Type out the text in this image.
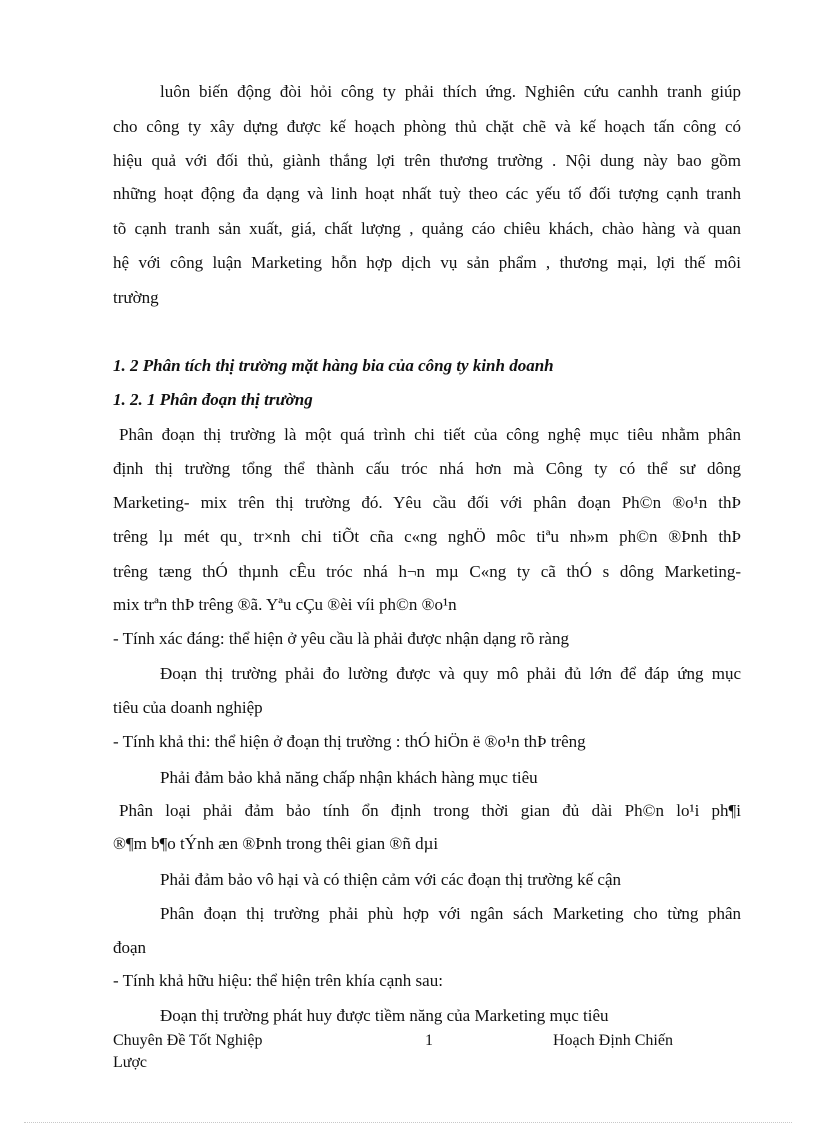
luôn biến động đòi hỏi công ty phải thích ứng. Nghiên cứu canhh tranh giúp
cho công ty xây dựng được kế hoạch phòng thủ chặt chẽ và kế hoạch tấn công có
hiệu quả với đối thủ, giành thắng lợi trên thương trường . Nội dung này bao gồm
những hoạt động đa dạng và linh hoạt nhất tuỳ theo các yếu tố đối tượng cạnh tranh
tõ cạnh tranh sản xuất, giá, chất lượng , quảng cáo chiêu khách, chào hàng và quan
hệ với công luận Marketing hỗn hợp dịch vụ sản phẩm , thương mại, lợi thế môi
trường
1. 2 Phân tích thị trường mặt hàng bia của công ty kinh doanh
1. 2. 1 Phân đoạn thị trường
Phân đoạn thị trường là một quá trình chi tiết của công nghệ mục tiêu nhằm phân
định thị trường tổng thể thành cấu tróc nhá hơn mà Công ty có thể sư dông
Marketing- mix trên thị trường đó. Yêu cầu đối với phân đoạn Ph©n ®o¹n thÞ
trêng lµ mét qu¸ tr×nh chi tiÕt cña c«ng nghÖ môc tiªu nh»m ph©n ®Þnh thÞ
trêng tæng thÓ thµnh cÊu tróc nhá h¬n mµ C«ng ty cã thÓ s dông Marketing-
mix trªn thÞ trêng ®ã. Yªu cÇu ®èi víi ph©n ®o¹n
- Tính xác đáng: thể hiện ở yêu cầu là phải được nhận dạng rõ ràng
Đoạn thị trường phải đo lường được và quy mô phải đủ lớn để đáp ứng mục
tiêu của doanh nghiệp
- Tính khả thi: thể hiện ở đoạn thị trường : thÓ hiÖn ë ®o¹n thÞ trêng
Phải đảm bảo khả năng chấp nhận khách hàng mục tiêu
Phân loại phải đảm bảo tính ổn định trong thời gian đủ dài Ph©n lo¹i ph¶i
®¶m b¶o tÝnh æn ®Þnh trong thêi gian ®ñ dµi
Phải đảm bảo vô hại và có thiện cảm với các đoạn thị trường kế cận
Phân đoạn thị trường phải phù hợp với ngân sách Marketing cho từng phân
đoạn
- Tính khả hữu hiệu: thể hiện trên khía cạnh sau:
Đoạn thị trường phát huy được tiềm năng của Marketing mục tiêu
Chuyên Đề Tốt Nghiệp
Lược
1	Hoạch Định Chiến
